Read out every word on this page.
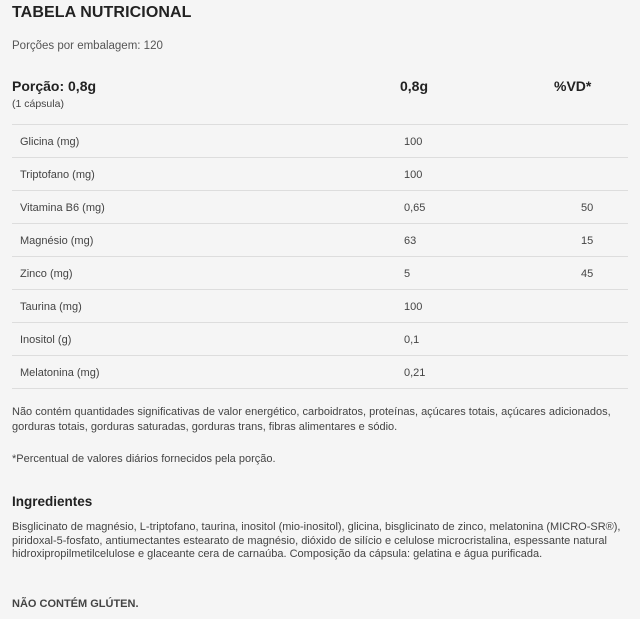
TABELA NUTRICIONAL
Porções por embalagem: 120
Porção: 0,8g
(1 cápsula)
0,8g	%VD*
Glicina (mg)	100
Triptofano (mg)	100
Vitamina B6 (mg)	0,65	50
Magnésio (mg)	63	15
Zinco (mg)	5	45
Taurina (mg)	100
Inositol (g)	0,1
Melatonina (mg)	0,21
Não contém quantidades significativas de valor energético, carboidratos, proteínas, açúcares totais, açúcares adicionados, gorduras totais, gorduras saturadas, gorduras trans, fibras alimentares e sódio.
*Percentual de valores diários fornecidos pela porção.
Ingredientes
Bisglicinato de magnésio, L-triptofano, taurina, inositol (mio-inositol), glicina, bisglicinato de zinco, melatonina (MICRO-SR®), piridoxal-5-fosfato, antiumectantes estearato de magnésio, dióxido de silício e celulose microcristalina, espessante natural hidroxipropilmetilcelulose e glaceante cera de carnaúba. Composição da cápsula: gelatina e água purificada.
NÃO CONTÉM GLÚTEN.
